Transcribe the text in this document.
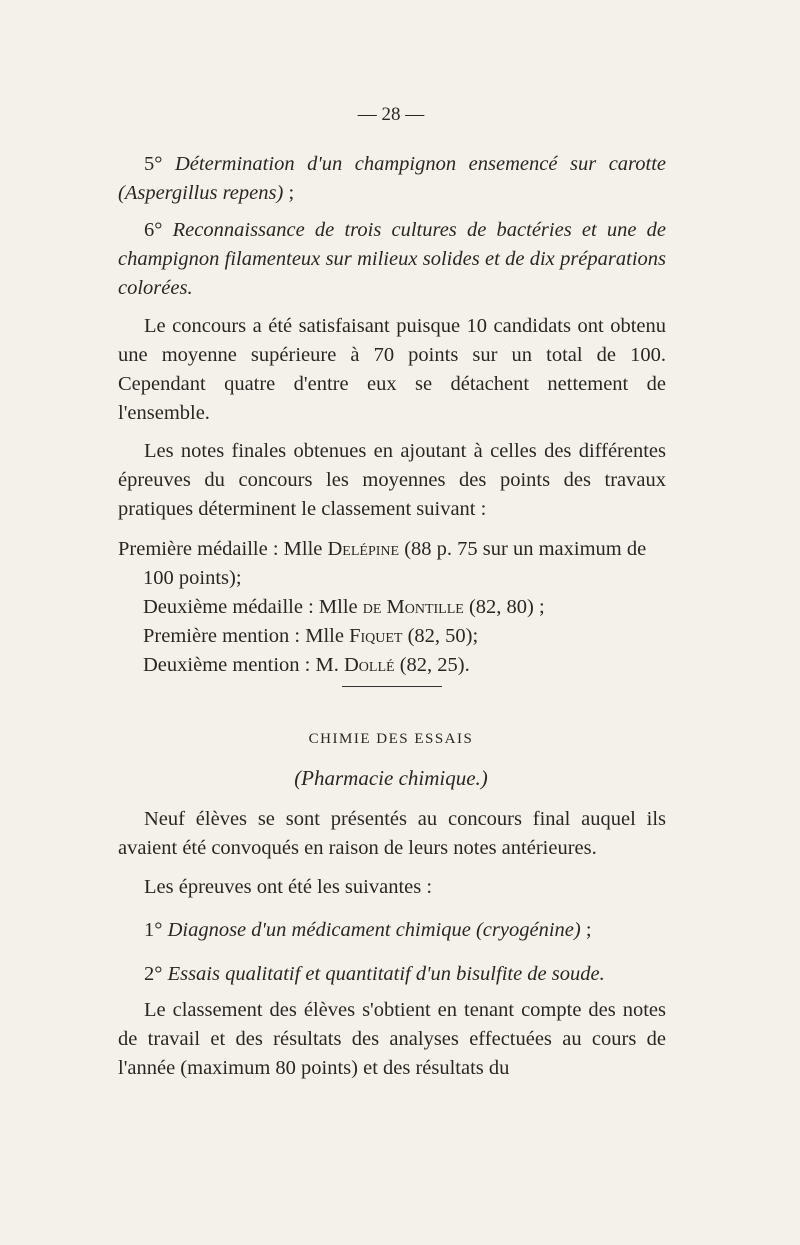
— 28 —

5° Détermination d'un champignon ensemencé sur carotte (Aspergillus repens) ;

6° Reconnaissance de trois cultures de bactéries et une de champignon filamenteux sur milieux solides et de dix préparations colorées.

Le concours a été satisfaisant puisque 10 candidats ont obtenu une moyenne supérieure à 70 points sur un total de 100. Cependant quatre d'entre eux se détachent nettement de l'ensemble.

Les notes finales obtenues en ajoutant à celles des différentes épreuves du concours les moyennes des points des travaux pratiques déterminent le classement suivant :

Première médaille : Mlle Delépine (88 p. 75 sur un maximum de 100 points);

Deuxième médaille : Mlle de Montille (82, 80) ;

Première mention : Mlle Fiquet (82, 50);

Deuxième mention : M. Dollé (82, 25).

CHIMIE DES ESSAIS
(Pharmacie chimique.)

Neuf élèves se sont présentés au concours final auquel ils avaient été convoqués en raison de leurs notes antérieures.

Les épreuves ont été les suivantes :

1° Diagnose d'un médicament chimique (cryogénine) ;

2° Essais qualitatif et quantitatif d'un bisulfite de soude.

Le classement des élèves s'obtient en tenant compte des notes de travail et des résultats des analyses effectuées au cours de l'année (maximum 80 points) et des résultats du
